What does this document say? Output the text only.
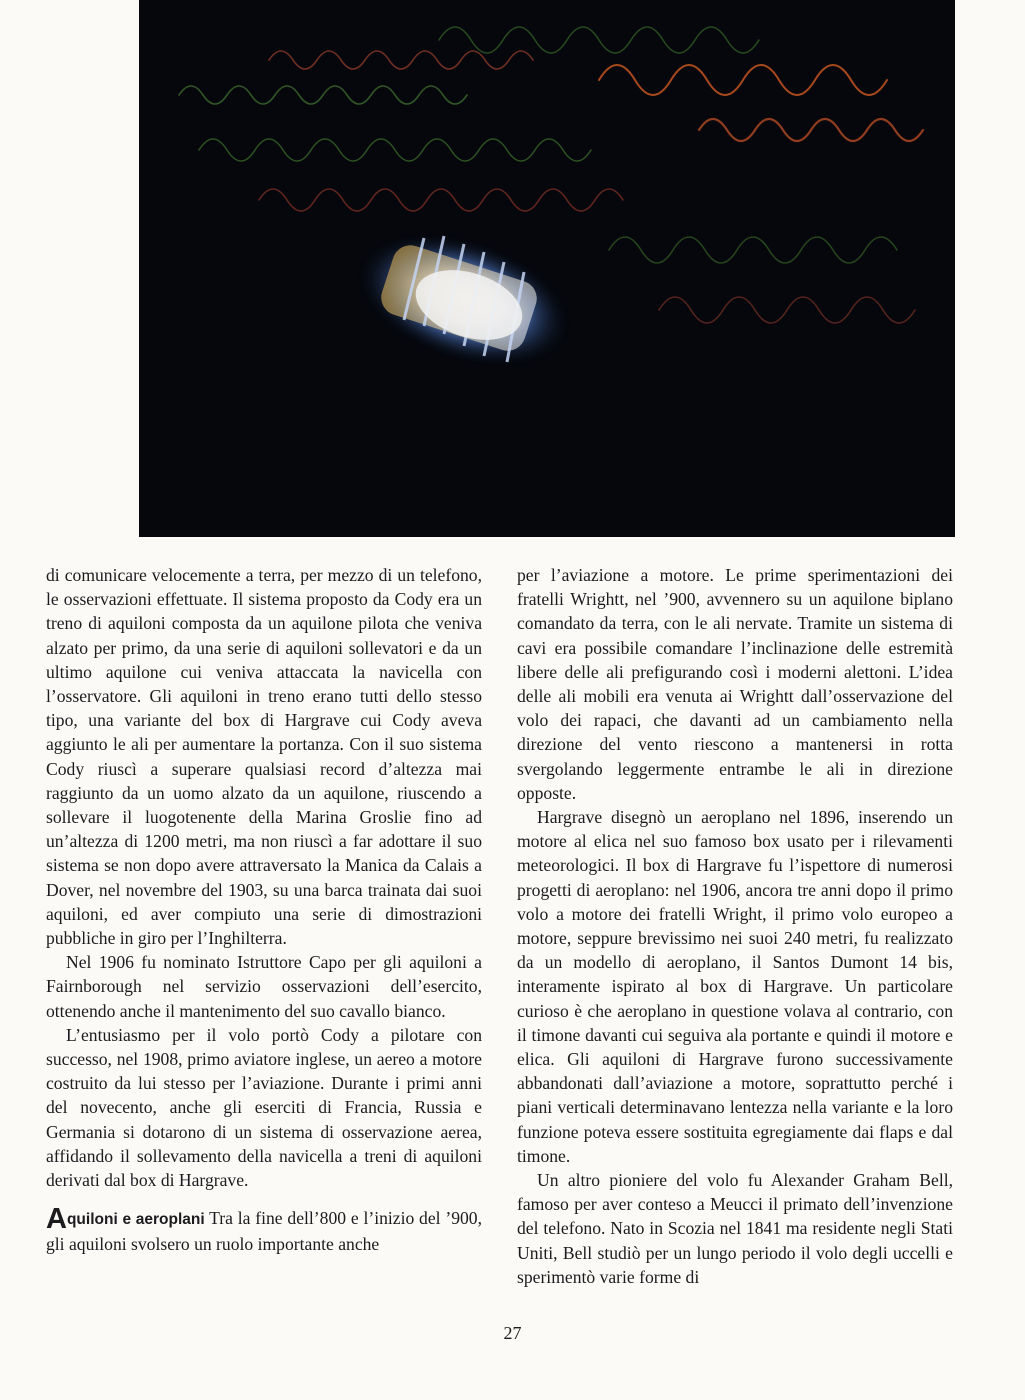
di comunicare velocemente a terra, per mezzo di un telefono, le osservazioni effettuate. Il sistema proposto da Cody era un treno di aquiloni composta da un aquilone pilota che veniva alzato per primo, da una serie di aquiloni sollevatori e da un ultimo aquilone cui veniva attaccata la navicella con l’osservatore. Gli aquiloni in treno erano tutti dello stesso tipo, una variante del box di Hargrave cui Cody aveva aggiunto le ali per aumentare la portanza. Con il suo sistema Cody riuscì a superare qualsiasi record d’altezza mai raggiunto da un uomo alzato da un aquilone, riuscendo a sollevare il luogotenente della Marina Groslie fino ad un’altezza di 1200 metri, ma non riuscì a far adottare il suo sistema se non dopo avere attraversato la Manica da Calais a Dover, nel novembre del 1903, su una barca trainata dai suoi aquiloni, ed aver compiuto una serie di dimostrazioni pubbliche in giro per l’Inghilterra.

Nel 1906 fu nominato Istruttore Capo per gli aquiloni a Fairnborough nel servizio osservazioni dell’esercito, ottenendo anche il mantenimento del suo cavallo bianco.

L’entusiasmo per il volo portò Cody a pilotare con successo, nel 1908, primo aviatore inglese, un aereo a motore costruito da lui stesso per l’aviazione. Durante i primi anni del novecento, anche gli eserciti di Francia, Russia e Germania si dotarono di un sistema di osservazione aerea, affidando il sollevamento della navicella a treni di aquiloni derivati dal box di Hargrave.

Aquiloni e aeroplani Tra la fine dell’800 e l’inizio del ’900, gli aquiloni svolsero un ruolo importante anche

per l’aviazione a motore. Le prime sperimentazioni dei fratelli Wrightt, nel ’900, avvennero su un aquilone biplano comandato da terra, con le ali nervate. Tramite un sistema di cavi era possibile comandare l’inclinazione delle estremità libere delle ali prefigurando così i moderni alettoni. L’idea delle ali mobili era venuta ai Wrightt dall’osservazione del volo dei rapaci, che davanti ad un cambiamento nella direzione del vento riescono a mantenersi in rotta svergolando leggermente entrambe le ali in direzione opposte.

Hargrave disegnò un aeroplano nel 1896, inserendo un motore al elica nel suo famoso box usato per i rilevamenti meteorologici. Il box di Hargrave fu l’ispettore di numerosi progetti di aeroplano: nel 1906, ancora tre anni dopo il primo volo a motore dei fratelli Wright, il primo volo europeo a motore, seppure brevissimo nei suoi 240 metri, fu realizzato da un modello di aeroplano, il Santos Dumont 14 bis, interamente ispirato al box di Hargrave. Un particolare curioso è che aeroplano in questione volava al contrario, con il timone davanti cui seguiva ala portante e quindi il motore e elica. Gli aquiloni di Hargrave furono successivamente abbandonati dall’aviazione a motore, soprattutto perché i piani verticali determinavano lentezza nella variante e la loro funzione poteva essere sostituita egregiamente dai flaps e dal timone.

Un altro pioniere del volo fu Alexander Graham Bell, famoso per aver conteso a Meucci il primato dell’invenzione del telefono. Nato in Scozia nel 1841 ma residente negli Stati Uniti, Bell studiò per un lungo periodo il volo degli uccelli e sperimentò varie forme di

27
